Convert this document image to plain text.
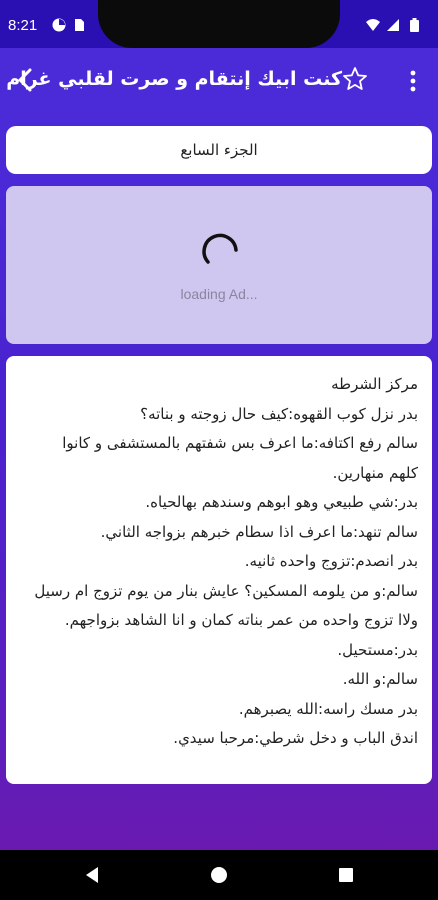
8:21
كنت ابيك إنتقام و صرت لقلبي غرام
الجزء السابع
loading Ad...
مركز الشرطه
بدر نزل كوب القهوه:كيف حال زوجته و بناته؟
سالم رفع اكتافه:ما اعرف بس شفتهم بالمستشفى و كانوا
كلهم منهارين.
بدر:شي طبيعي وهو ابوهم وسندهم بهالحياه.
سالم تنهد:ما اعرف اذا سطام خبرهم بزواجه الثاني.
بدر انصدم:تزوج واحده ثانيه.
سالم:و من يلومه المسكين؟ عايش بنار من يوم تزوج ام رسيل
ولاا تزوج واحده من عمر بناته كمان و انا الشاهد بزواجهم.
بدر:مستحيل.
سالم:و الله.
بدر مسك راسه:الله يصبرهم.
اندق الباب و دخل شرطي:مرحبا سيدي.
